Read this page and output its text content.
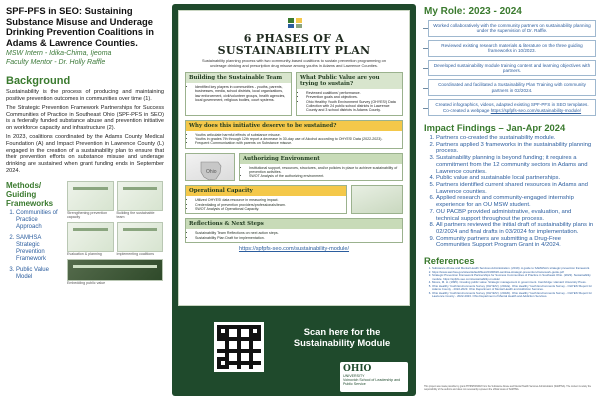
SPF-PFS in SEO: Sustaining Substance Misuse and Underage Drinking Prevention Coalitions in Adams & Lawrence Counties.
MSW Intern - Idika-Chima, Ijeoma
Faculty Mentor - Dr. Holly Raffle
Background

Sustainability is the process of producing and maintaining positive prevention outcomes in communities over time (1).

The Strategic Prevention Framework Partnerships for Success Communities of Practice in Southeast Ohio (SPF-PFS in SEO) is a federally funded substance abuse and prevention initiative on workforce capacity and infrastructure (2).

In 2023, coalitions coordinated by the Adams County Medical Foundation (A) and Impact Prevention in Lawrence County (L) engaged in the creation of a sustainability plan to ensure that their prevention efforts on substance misuse and underage drinking are sustained when grant funding ends in September 2024.

Methods/ Guiding Frameworks
1. Communities of Practice Approach
2. SAMHSA Strategic Prevention Framework
3. Public Value Model
Strengthening prevention capacity
Building the sustainable team
Evaluation & planning	Implementing coalitions
Embedding public value
6 PHASES OF A
SUSTAINABILITY PLAN
Sustainability planning process with two community-based coalitions to sustain prevention programming on underage drinking and prescription drug misuse among youths in Adams and Lawrence Counties.
Building the Sustainable Team
• Identified key players in communities - youths, parents, businesses, media, school districts, local organizations, law enforcement, civil/volunteer groups, health agencies, local government, religious bodies, court systems.
What Public Value are you trying to sustain?
• Reviewed coalitions' performance.
• Prevention goals and objectives.
• Ohio Healthy Youth Environment Survey (OHYES!) Data Collection with 24 public school districts in Lawrence County and 3 school districts in Adams County.
Why does this initiative deserve to be sustained?
• Youths articulate harmful effects of substance misuse.
• Youths in grades 7th through 12th report a decrease in 30-day use of Alcohol according to OHYES! Data (2022-2023).
• Frequent Communication with parents on Substance misuse.
Ohio
Authorizing Environment
• Institutional support, resources, structures, and/or policies in place to achieve sustainability of prevention activities.
• SWOT Analysis of the authorizing environment.
Operational Capacity
• Utilized OHYES! data resource in measuring impact.
• Credentialing of prevention providers/professionals/team.
• SWOT Analysis of Operational Capacity.
Reflections & Next Steps
• Sustainability Team Reflections on next action steps.
• Sustainability Plan Draft for implementation.
https://spfpfs-seo.com/sustainability-module/
Scan here for the Sustainability Module
OHIO
UNIVERSITY
Voinovich School of Leadership and Public Service
My Role: 2023 - 2024
Worked collaboratively with the community partners on sustainability planning under the supervision of Dr. Raffle.
Reviewed existing research materials & literature on the three guiding frameworks in 10/2023.
Developed sustainability module training content and learning objectives with partners.
Coordinated and facilitated a Sustainability Plan Training with community partners in 02/2024.
Created infographics, videos, adapted existing SPF-PFS in SEO templates. Co-created a webpage https://spfpfs-seo.com/sustainability-module/
Impact Findings – Jan-Apr 2024
1. Partners co-created the sustainability module.
2. Partners applied 3 frameworks in the sustainability planning process.
3. Sustainability planning is beyond funding; it requires a commitment from the 12 community sectors in Adams and Lawrence counties.
4. Public value and sustainable local partnerships.
5. Partners identified current shared resources in Adams and Lawrence counties.
6. Applied research and community-engaged internship experience for an OU MSW student.
7. OU PACBP provided administrative, evaluation, and technical support throughout the process.
8. All partners reviewed the initial draft of sustainability plans in 02/2024 and final drafts in 03/2024 for implementation.
9. Community partners are submitting a Drug-Free Communities Support Program Grant in 4/2024.
References
1. Substance Abuse and Mental Health Services Administration. (2019). A guide to SAMHSA's strategic prevention framework.
2. https://www.samhsa.gov/sites/default/files/20190620-samhsa-strategic-prevention-framework-guide.pdf
3. Strategic Prevention Framework Partnerships for Success Communities of Practice in Southeast Ohio. (2023). Sustainability module. https://spfpfs-seo.com/sustainability-module/
4. Moore, M. H. (1995). Creating public value: Strategic management in government. Cambridge: Harvard University Press.
5. Ohio Healthy Youth Environments Survey (OHYES!). (2022a). Ohio Healthy Youth Environments Survey - OHYES! Report for Adams County - 2022-2023. Ohio Department of Mental Health and Addiction Services.
6. Ohio Healthy Youth Environments Survey (OHYES!). (2022b). Ohio Healthy Youth Environments Survey - OHYES! Report for Lawrence County - 2022-2023. Ohio Department of Mental Health and Addiction Services.
This project was made possible by grant #H79SP081918 from the Substance Abuse and Mental Health Services Administration (SAMHSA). The content is solely the responsibility of the authors and does not necessarily represent the official views of SAMHSA.
